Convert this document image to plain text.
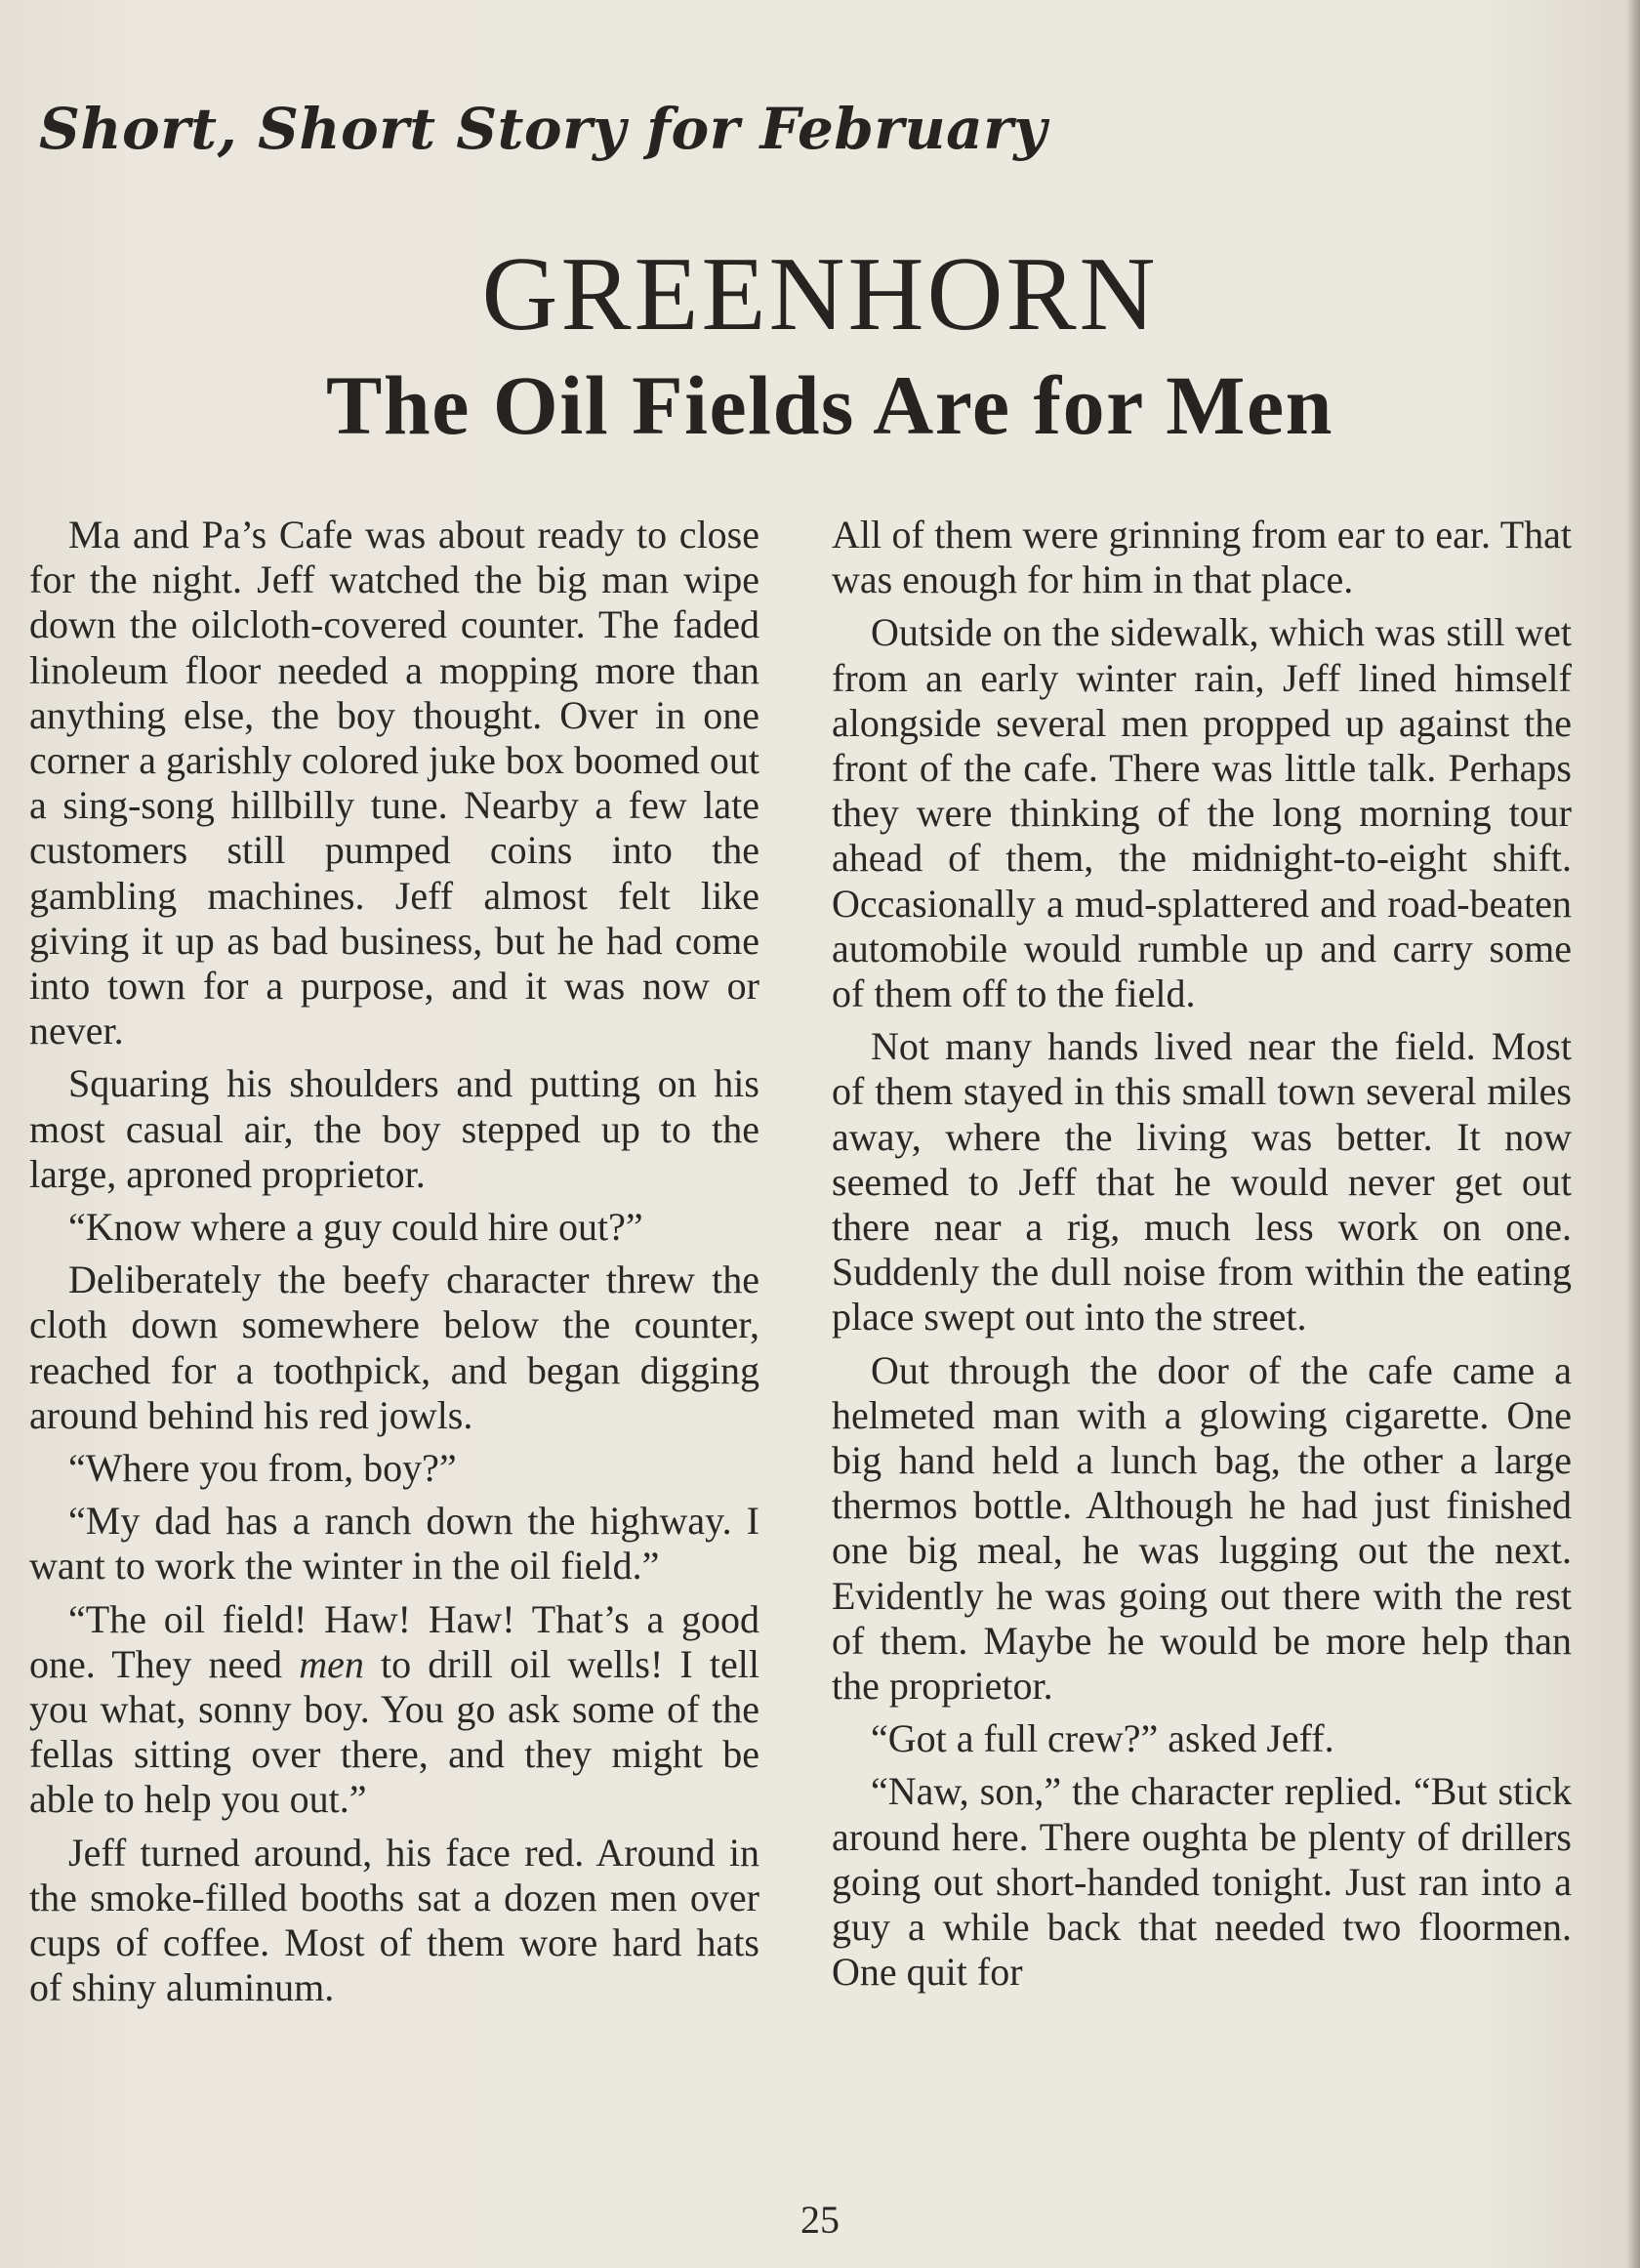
Short, Short Story for February
GREENHORN
The Oil Fields Are for Men

Ma and Pa’s Cafe was about ready to close for the night. Jeff watched the big man wipe down the oilcloth-covered counter. The faded linoleum floor needed a mopping more than anything else, the boy thought. Over in one corner a garishly colored juke box boomed out a sing-song hillbilly tune. Nearby a few late customers still pumped coins into the gambling machines. Jeff almost felt like giving it up as bad business, but he had come into town for a purpose, and it was now or never.

Squaring his shoulders and putting on his most casual air, the boy stepped up to the large, aproned proprietor.

“Know where a guy could hire out?”

Deliberately the beefy character threw the cloth down somewhere below the counter, reached for a toothpick, and began digging around behind his red jowls.

“Where you from, boy?”

“My dad has a ranch down the highway. I want to work the winter in the oil field.”

“The oil field! Haw! Haw! That’s a good one. They need men to drill oil wells! I tell you what, sonny boy. You go ask some of the fellas sitting over there, and they might be able to help you out.”

Jeff turned around, his face red. Around in the smoke-filled booths sat a dozen men over cups of coffee. Most of them wore hard hats of shiny aluminum.

All of them were grinning from ear to ear. That was enough for him in that place.

Outside on the sidewalk, which was still wet from an early winter rain, Jeff lined himself alongside several men propped up against the front of the cafe. There was little talk. Perhaps they were thinking of the long morning tour ahead of them, the midnight-to-eight shift. Occasionally a mud-splattered and road-beaten automobile would rumble up and carry some of them off to the field.

Not many hands lived near the field. Most of them stayed in this small town several miles away, where the living was better. It now seemed to Jeff that he would never get out there near a rig, much less work on one. Suddenly the dull noise from within the eating place swept out into the street.

Out through the door of the cafe came a helmeted man with a glowing cigarette. One big hand held a lunch bag, the other a large thermos bottle. Although he had just finished one big meal, he was lugging out the next. Evidently he was going out there with the rest of them. Maybe he would be more help than the proprietor.

“Got a full crew?” asked Jeff.

“Naw, son,” the character replied. “But stick around here. There oughta be plenty of drillers going out short-handed tonight. Just ran into a guy a while back that needed two floormen. One quit for

25
